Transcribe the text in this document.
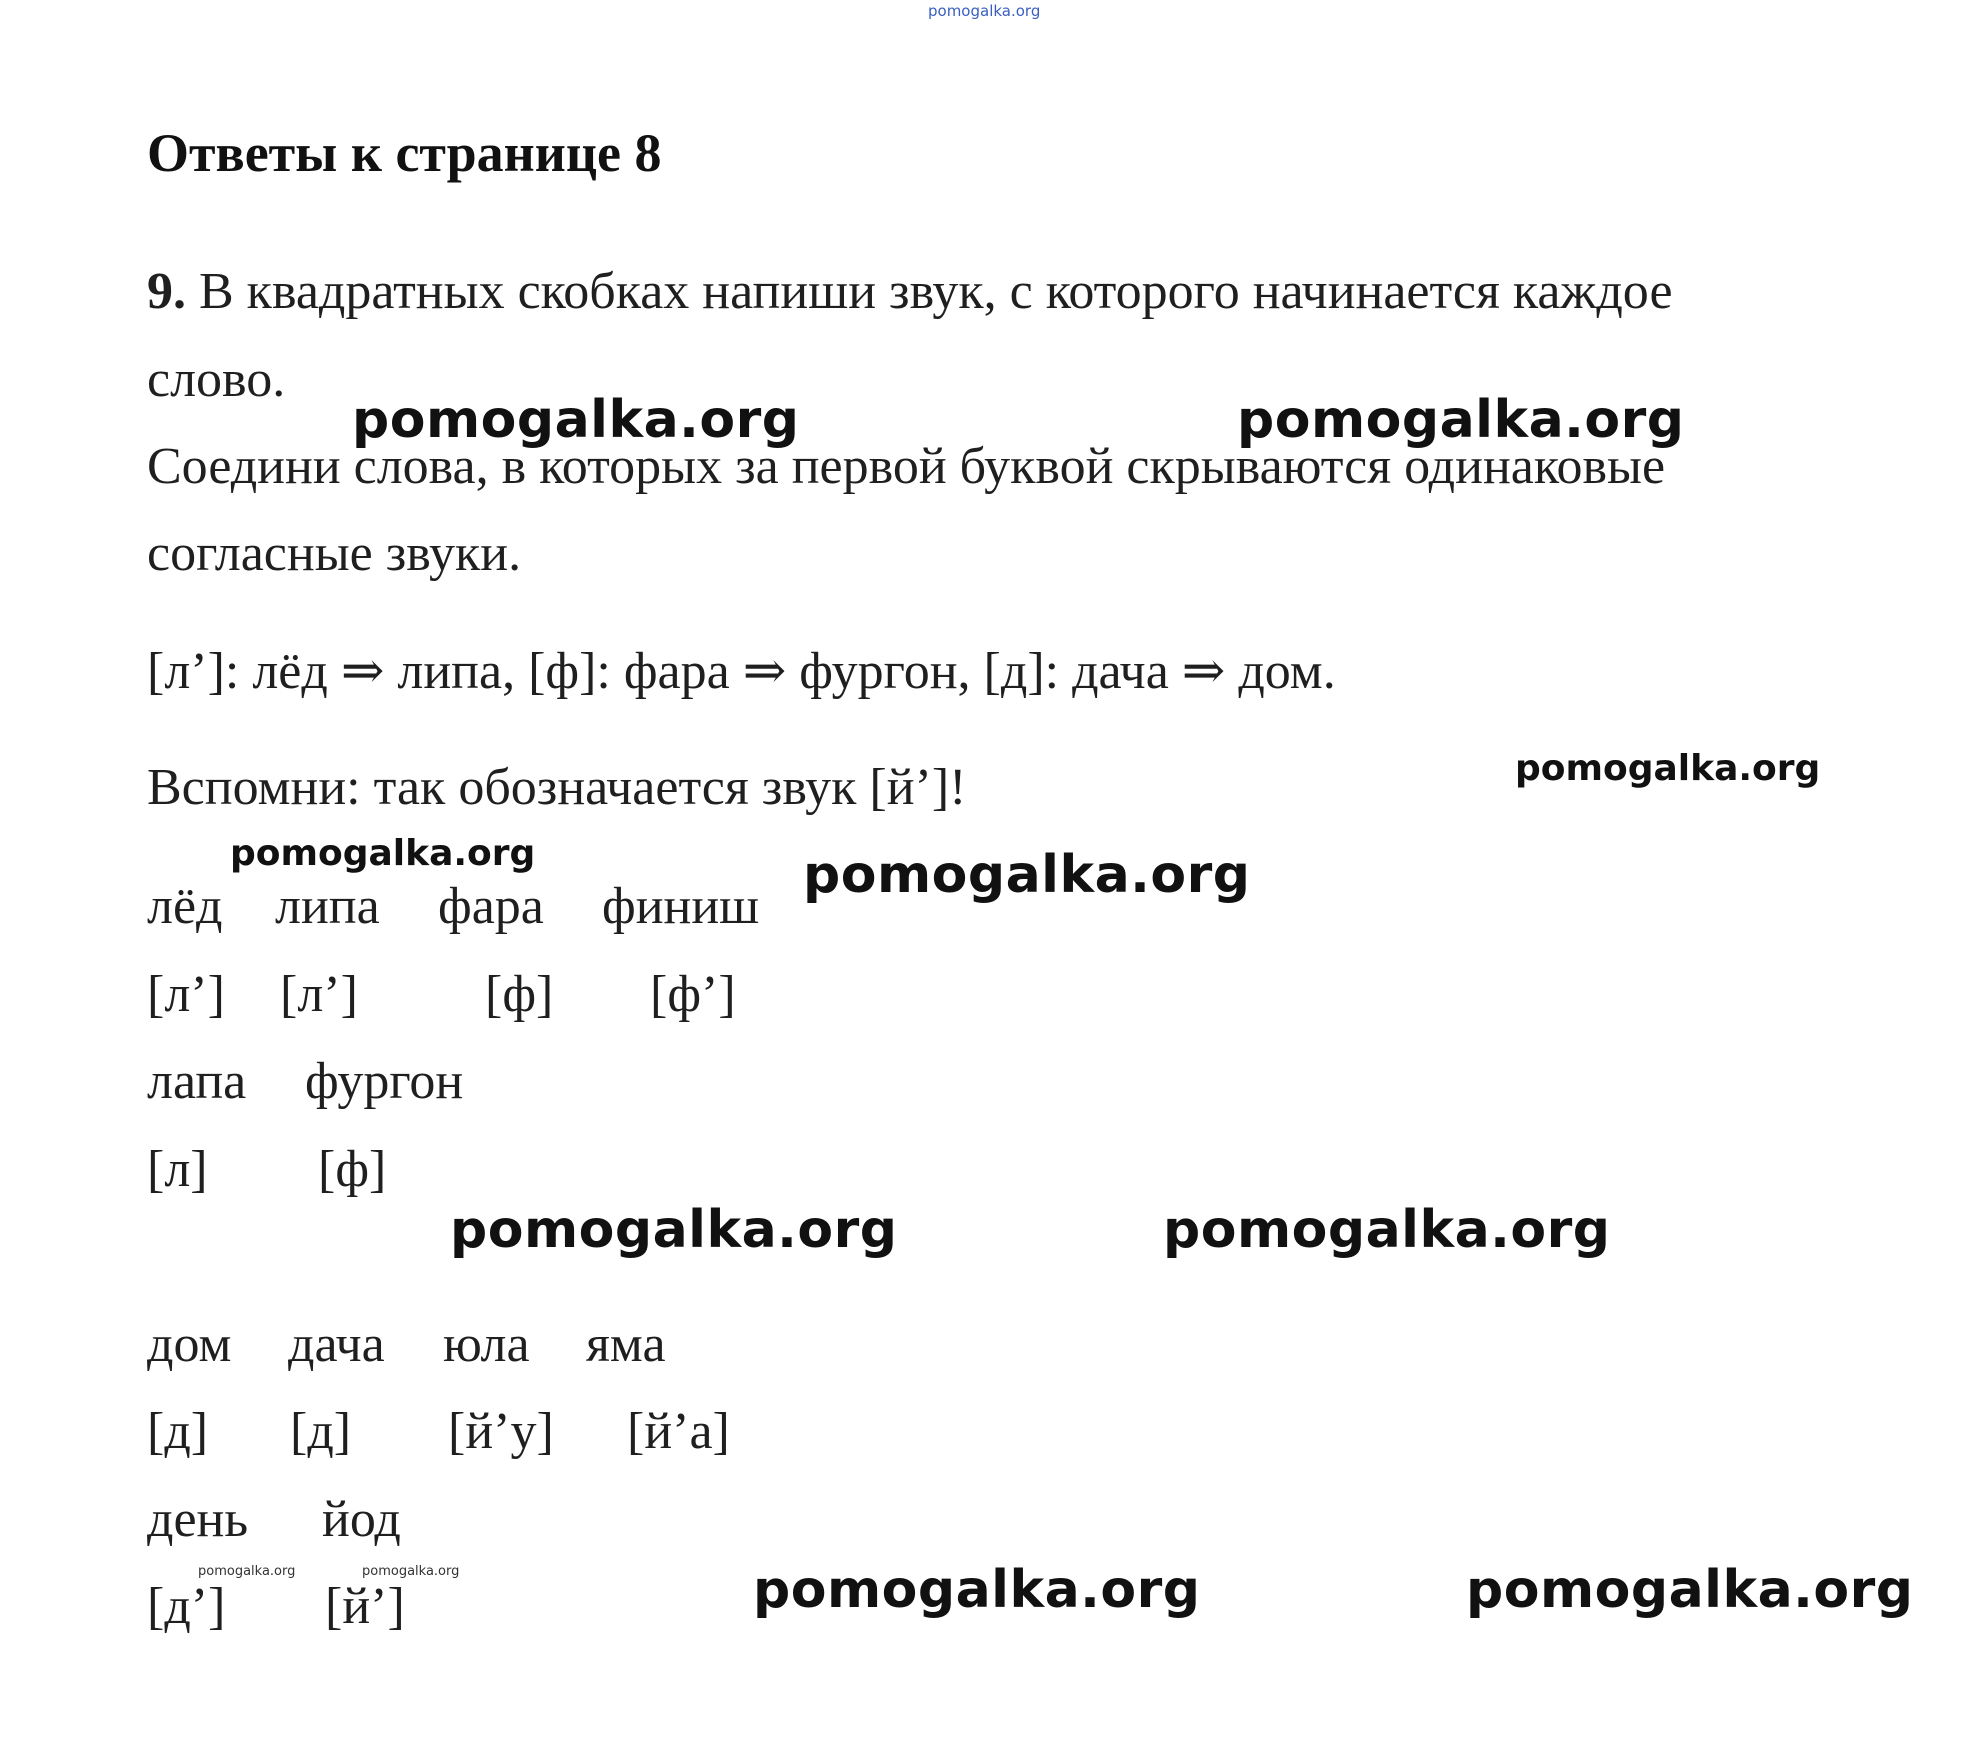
pomogalka.org
Ответы к странице 8
9. В квадратных скобках напиши звук, с которого начинается каждое
слово.
Соедини слова, в которых за первой буквой скрываются одинаковые
согласные звуки.
pomogalka.org	pomogalka.org
[л’]: лёд ⇒ липа, [ф]: фара ⇒ фургон, [д]: дача ⇒ дом.
Вспомни: так обозначается звук [й’]!	pomogalka.org
pomogalka.org	pomogalka.org
лёд липа фара финиш
[л’] [л’] [ф] [ф’]
лапа фургон
[л] [ф]
pomogalka.org	pomogalka.org
дом дача юла яма
[д] [д] [й’у] [й’а]
день йод
[д’] [й’]
pomogalka.org	pomogalka.org	pomogalka.org	pomogalka.org
